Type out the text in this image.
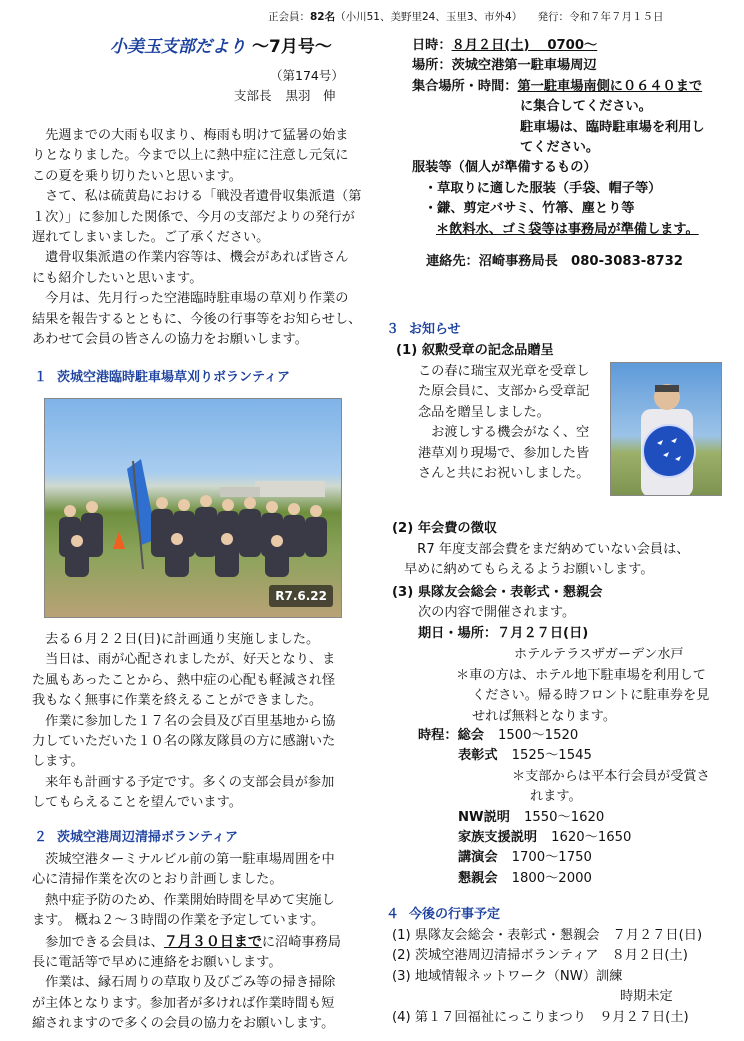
正会員：82名（小川51、美野里24、玉里3、市外4） 発行：令和７年７月１５日
小美玉支部だより ～7月号～
（第174号）
支部長 黒羽　伸

　先週までの大雨も収まり、梅雨も明けて猛暑の始ま

りとなりました。今まで以上に熱中症に注意し元気に

この夏を乗り切りたいと思います。

　さて、私は硫黄島における「戦没者遺骨収集派遣（第

１次）」に参加した関係で、今月の支部だよりの発行が

遅れてしまいました。ご了承ください。

　遺骨収集派遣の作業内容等は、機会があれば皆さん

にも紹介したいと思います。

　今月は、先月行った空港臨時駐車場の草刈り作業の

結果を報告するとともに、今後の行事等をお知らせし、

あわせて会員の皆さんの協力をお願いします。

１ 茨城空港臨時駐車場草刈りボランティア
R7.6.22

　去る６月２２日(日)に計画通り実施しました。

　当日は、雨が心配されましたが、好天となり、ま

た風もあったことから、熱中症の心配も軽減され怪

我もなく無事に作業を終えることができました。

　作業に参加した１７名の会員及び百里基地から協

力していただいた１０名の隊友隊員の方に感謝いた

します。

　来年も計画する予定です。多くの支部会員が参加

してもらえることを望んでいます。

２ 茨城空港周辺清掃ボランティア

　茨城空港ターミナルビル前の第一駐車場周囲を中

心に清掃作業を次のとおり計画しました。

　熱中症予防のため、作業開始時間を早めて実施し

ます。 概ね２～３時間の作業を予定しています。

　参加できる会員は、７月３０日までに沼崎事務局

長に電話等で早めに連絡をお願いします。

　作業は、縁石周りの草取り及びごみ等の掃き掃除

が主体となります。参加者が多ければ作業時間も短

縮されますので多くの会員の協力をお願いします。

日時：８月２日(土)　 0700～

場所：茨城空港第一駐車場周辺

集合場所・時間：第一駐車場南側に０６４０まで

に集合してください。

駐車場は、臨時駐車場を利用し

てください。

服装等（個人が準備するもの）

・草取りに適した服装（手袋、帽子等）

・鎌、剪定バサミ、竹箒、塵とり等

＊飲料水、ゴミ袋等は事務局が準備します。

連絡先：沼崎事務局長　080-3083-8732

３ お知らせ

(1) 叙勲受章の記念品贈呈

この春に瑞宝双光章を受章し

た原会員に、支部から受章記

念品を贈呈しました。

　お渡しする機会がなく、空

港草刈り現場で、参加した皆

さんと共にお祝いしました。

(2) 年会費の徴収

　R7 年度支部会費をまだ納めていない会員は、

早めに納めてもらえるようお願いします。

(3) 県隊友会総会・表彰式・懇親会

次の内容で開催されます。

期日・場所：７月２７日(日)

ホテルテラスザガーデン水戸

＊車の方は、ホテル地下駐車場を利用して

ください。帰る時フロントに駐車券を見

せれば無料となります。

時程：総会 1500～1520

表彰式 1525～1545

＊支部からは平本行会員が受賞さ

れます。

NW説明 1550～1620

家族支援説明 1620～1650

講演会 1700～1750

懇親会 1800～2000

４ 今後の行事予定

(1) 県隊友会総会・表彰式・懇親会　７月２７日(日)

(2) 茨城空港周辺清掃ボランティア　８月２日(土)

(3) 地域情報ネットワーク（NW）訓練

時期未定

(4) 第１７回福祉にっこりまつり　９月２７日(土)
